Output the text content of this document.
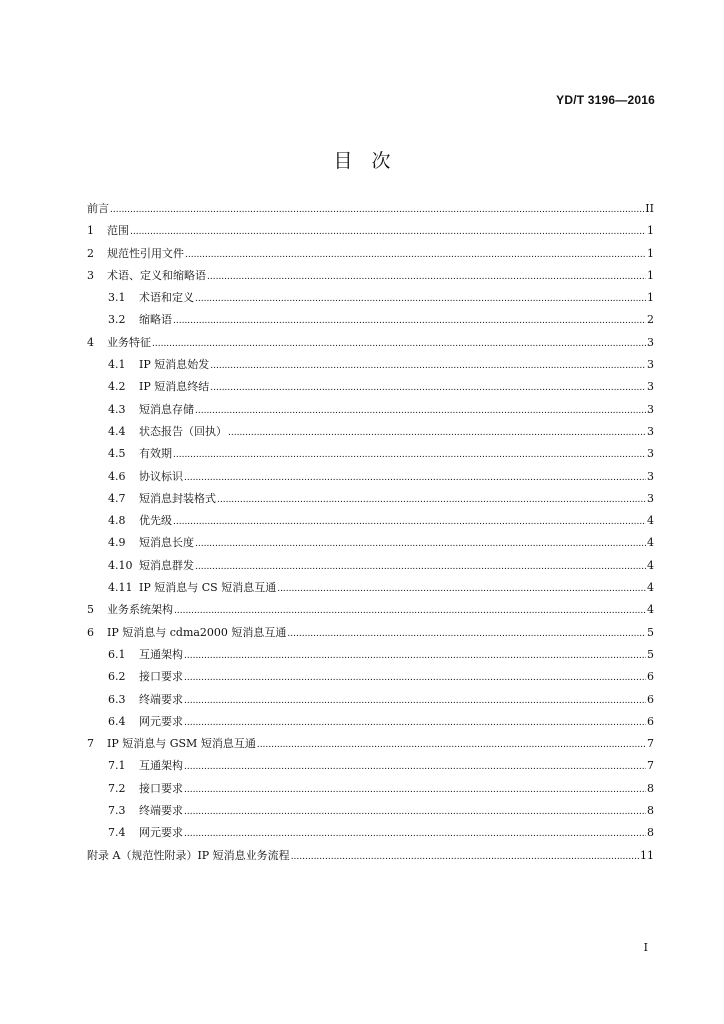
YD/T 3196—2016
目　次
前言 .....	II
1	范围 .....	1
2	规范性引用文件 .....	1
3	术语、定义和缩略语 .....	1
3.1	术语和定义 .....	1
3.2	缩略语 .....	2
4	业务特征 .....	3
4.1	IP 短消息始发 .....	3
4.2	IP 短消息终结 .....	3
4.3	短消息存储 .....	3
4.4	状态报告（回执） .....	3
4.5	有效期 .....	3
4.6	协议标识 .....	3
4.7	短消息封装格式 .....	3
4.8	优先级 .....	4
4.9	短消息长度 .....	4
4.10 短消息群发 .....	4
4.11 IP 短消息与 CS 短消息互通 .....	4
5	业务系统架构 .....	4
6	IP 短消息与 cdma2000 短消息互通 .....	5
6.1	互通架构 .....	5
6.2	接口要求 .....	6
6.3	终端要求 .....	6
6.4	网元要求 .....	6
7	IP 短消息与 GSM 短消息互通 .....	7
7.1	互通架构 .....	7
7.2	接口要求 .....	8
7.3	终端要求 .....	8
7.4	网元要求 .....	8
附录 A（规范性附录）IP 短消息业务流程 .....	11
I
